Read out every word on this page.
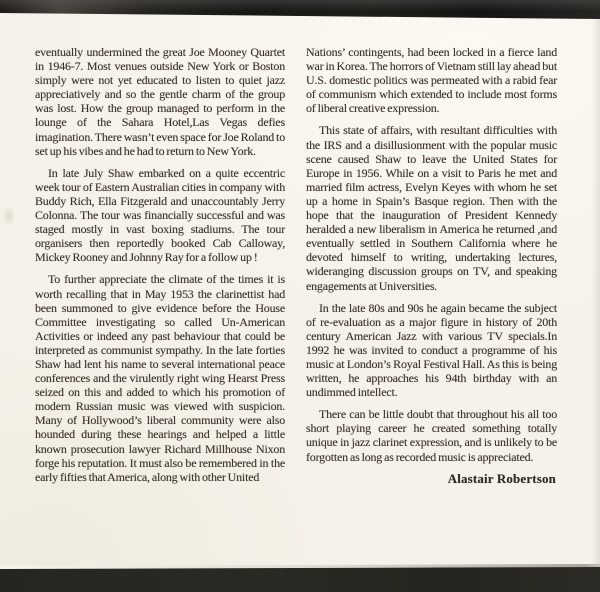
eventually undermined the great Joe Mooney Quartet in 1946-7. Most venues outside New York or Boston simply were not yet educated to listen to quiet jazz appreciatively and so the gentle charm of the group was lost. How the group managed to perform in the lounge of the Sahara Hotel,Las Vegas defies imagination. There wasn’t even space for Joe Roland to set up his vibes and he had to return to New York.

In late July Shaw embarked on a quite eccentric week tour of Eastern Australian cities in company with Buddy Rich, Ella Fitzgerald and unaccountably Jerry Colonna. The tour was financially successful and was staged mostly in vast boxing stadiums. The tour organisers then reportedly booked Cab Calloway, Mickey Rooney and Johnny Ray for a follow up !

To further appreciate the climate of the times it is worth recalling that in May 1953 the clarinettist had been summoned to give evidence before the House Committee investigating so called Un-American Activities or indeed any past behaviour that could be interpreted as communist sympathy. In the late forties Shaw had lent his name to several international peace conferences and the virulently right wing Hearst Press seized on this and added to which his promotion of modern Russian music was viewed with suspicion. Many of Hollywood’s liberal community were also hounded during these hearings and helped a little known prosecution lawyer Richard Millhouse Nixon forge his reputation. It must also be remembered in the early fifties that America, along with other United

Nations’ contingents, had been locked in a fierce land war in Korea. The horrors of Vietnam still lay ahead but U.S. domestic politics was permeated with a rabid fear of communism which extended to include most forms of liberal creative expression.

This state of affairs, with resultant difficulties with the IRS and a disillusionment with the popular music scene caused Shaw to leave the United States for Europe in 1956. While on a visit to Paris he met and married film actress, Evelyn Keyes with whom he set up a home in Spain’s Basque region. Then with the hope that the inauguration of President Kennedy heralded a new liberalism in America he returned ,and eventually settled in Southern California where he devoted himself to writing, undertaking lectures, wideranging discussion groups on TV, and speaking engagements at Universities.

In the late 80s and 90s he again became the subject of re-evaluation as a major figure in history of 20th century American Jazz with various TV specials.In 1992 he was invited to conduct a programme of his music at London’s Royal Festival Hall. As this is being written, he approaches his 94th birthday with an undimmed intellect.

There can be little doubt that throughout his all too short playing career he created something totally unique in jazz clarinet expression, and is unlikely to be forgotten as long as recorded music is appreciated.

Alastair Robertson
